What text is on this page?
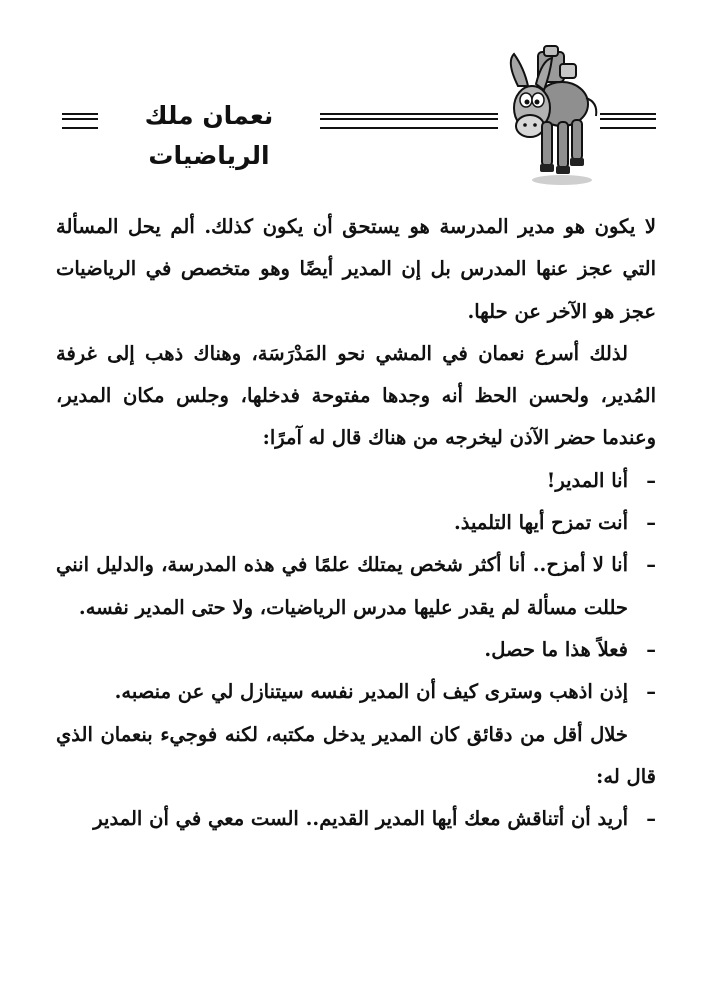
نعمان ملك الرياضيات

لا يكون هو مدير المدرسة هو يستحق أن يكون كذلك. ألم يحل المسألة التي عجز عنها المدرس بل إن المدير أيضًا وهو متخصص في الرياضيات عجز هو الآخر عن حلها.

لذلك أسرع نعمان في المشي نحو المَدْرَسَة، وهناك ذهب إلى غرفة المُدير، ولحسن الحظ أنه وجدها مفتوحة فدخلها، وجلس مكان المدير، وعندما حضر الآذن ليخرجه من هناك قال له آمرًا:

–
أنا المدير!

–
أنت تمزح أيها التلميذ.

–
أنا لا أمزح.. أنا أكثر شخص يمتلك علمًا في هذه المدرسة، والدليل انني حللت مسألة لم يقدر عليها مدرس الرياضيات، ولا حتى المدير نفسه.

–
فعلاً هذا ما حصل.

–
إذن اذهب وسترى كيف أن المدير نفسه سيتنازل لي عن منصبه.

خلال أقل من دقائق كان المدير يدخل مكتبه، لكنه فوجيء بنعمان الذي قال له:

–
أريد أن أتناقش معك أيها المدير القديم.. الست معي في أن المدير
